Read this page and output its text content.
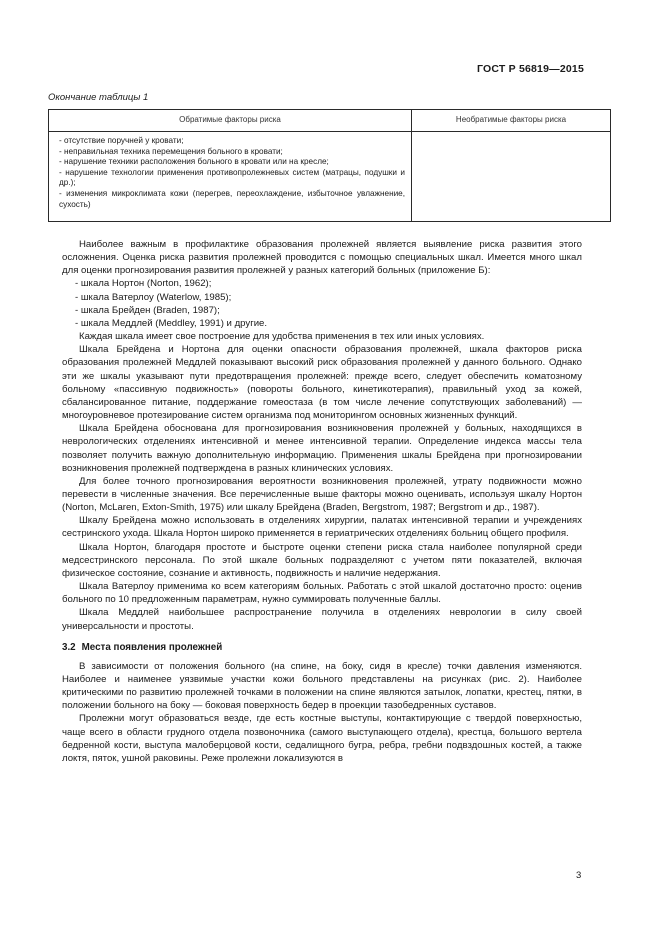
ГОСТ Р 56819—2015
Окончание таблицы 1
Обратимые факторы риска	Необратимые факторы риска

- отсутствие поручней у кровати;
- неправильная техника перемещения больного в кровати;
- нарушение техники расположения больного в кровати или на кресле;
- нарушение технологии применения противопролежневых систем (матрацы, подушки и др.);
- изменения микроклимата кожи (перегрев, переохлаждение, избыточное увлажнение, сухость)	

Наиболее важным в профилактике образования пролежней является выявление риска развития этого осложнения. Оценка риска развития пролежней проводится с помощью специальных шкал. Имеется много шкал для оценки прогнозирования развития пролежней у разных категорий больных (приложение Б):

- шкала Нортон (Norton, 1962);
- шкала Ватерлоу (Waterlow, 1985);
- шкала Брейден (Braden, 1987);
- шкала Меддлей (Meddley, 1991) и другие.

Каждая шкала имеет свое построение для удобства применения в тех или иных условиях.

Шкала Брейдена и Нортона для оценки опасности образования пролежней, шкала факторов риска образования пролежней Меддлей показывают высокий риск образования пролежней у данного больного. Однако эти же шкалы указывают пути предотвращения пролежней: прежде всего, следует обеспечить коматозному больному «пассивную подвижность» (повороты больного, кинетикотерапия), правильный уход за кожей, сбалансированное питание, поддержание гомеостаза (в том числе лечение сопутствующих заболеваний) — многоуровневое протезирование систем организма под мониторингом основных жизненных функций.

Шкала Брейдена обоснована для прогнозирования возникновения пролежней у больных, находящихся в неврологических отделениях интенсивной и менее интенсивной терапии. Определение индекса массы тела позволяет получить важную дополнительную информацию. Применения шкалы Брейдена при прогнозировании возникновения пролежней подтверждена в разных клинических условиях.

Для более точного прогнозирования вероятности возникновения пролежней, утрату подвижности можно перевести в численные значения. Все перечисленные выше факторы можно оценивать, используя шкалу Нортон (Norton, McLaren, Exton-Smith, 1975) или шкалу Брейдена (Braden, Bergstrom, 1987; Bergstrom и др., 1987).

Шкалу Брейдена можно использовать в отделениях хирургии, палатах интенсивной терапии и учреждениях сестринского ухода. Шкала Нортон широко применяется в гериатрических отделениях больниц общего профиля.

Шкала Нортон, благодаря простоте и быстроте оценки степени риска стала наиболее популярной среди медсестринского персонала. По этой шкале больных подразделяют с учетом пяти показателей, включая физическое состояние, сознание и активность, подвижность и наличие недержания.

Шкала Ватерлоу применима ко всем категориям больных. Работать с этой шкалой достаточно просто: оценив больного по 10 предложенным параметрам, нужно суммировать полученные баллы.

Шкала Меддлей наибольшее распространение получила в отделениях неврологии в силу своей универсальности и простоты.

3.2 Места появления пролежней

В зависимости от положения больного (на спине, на боку, сидя в кресле) точки давления изменяются. Наиболее и наименее уязвимые участки кожи больного представлены на рисунках (рис. 2). Наиболее критическими по развитию пролежней точками в положении на спине являются затылок, лопатки, крестец, пятки, в положении больного на боку — боковая поверхность бедер в проекции тазобедренных суставов.

Пролежни могут образоваться везде, где есть костные выступы, контактирующие с твердой поверхностью, чаще всего в области грудного отдела позвоночника (самого выступающего отдела), крестца, большого вертела бедренной кости, выступа малоберцовой кости, седалищного бугра, ребра, гребни подвздошных костей, а также локтя, пяток, ушной раковины. Реже пролежни локализуются в

3
